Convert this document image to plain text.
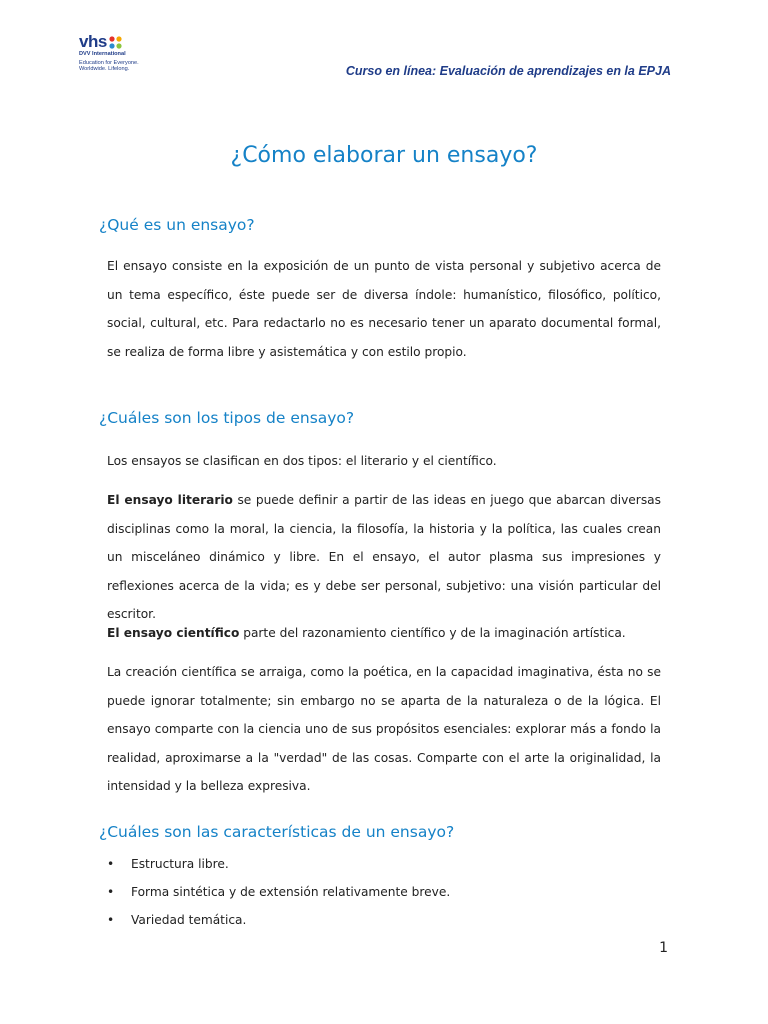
vhs
DVV International
Education for Everyone. Worldwide. Lifelong.	Curso en línea: Evaluación de aprendizajes en la EPJA
¿Cómo elaborar un ensayo?
¿Qué es un ensayo?

El ensayo consiste en la exposición de un punto de vista personal y subjetivo acerca de un tema específico, éste puede ser de diversa índole: humanístico, filosófico, político, social, cultural, etc. Para redactarlo no es necesario tener un aparato documental formal, se realiza de forma libre y asistemática y con estilo propio.

¿Cuáles son los tipos de ensayo?

Los ensayos se clasifican en dos tipos: el literario y el científico.

El ensayo literario se puede definir a partir de las ideas en juego que abarcan diversas disciplinas como la moral, la ciencia, la filosofía, la historia y la política, las cuales crean un misceláneo dinámico y libre. En el ensayo, el autor plasma sus impresiones y reflexiones acerca de la vida; es y debe ser personal, subjetivo: una visión particular del escritor.

El ensayo científico parte del razonamiento científico y de la imaginación artística.

La creación científica se arraiga, como la poética, en la capacidad imaginativa, ésta no se puede ignorar totalmente; sin embargo no se aparta de la naturaleza o de la lógica. El ensayo comparte con la ciencia uno de sus propósitos esenciales: explorar más a fondo la realidad, aproximarse a la "verdad" de las cosas. Comparte con el arte la originalidad, la intensidad y la belleza expresiva.

¿Cuáles son las características de un ensayo?
•	Estructura libre.
•	Forma sintética y de extensión relativamente breve.
•	Variedad temática.
1
